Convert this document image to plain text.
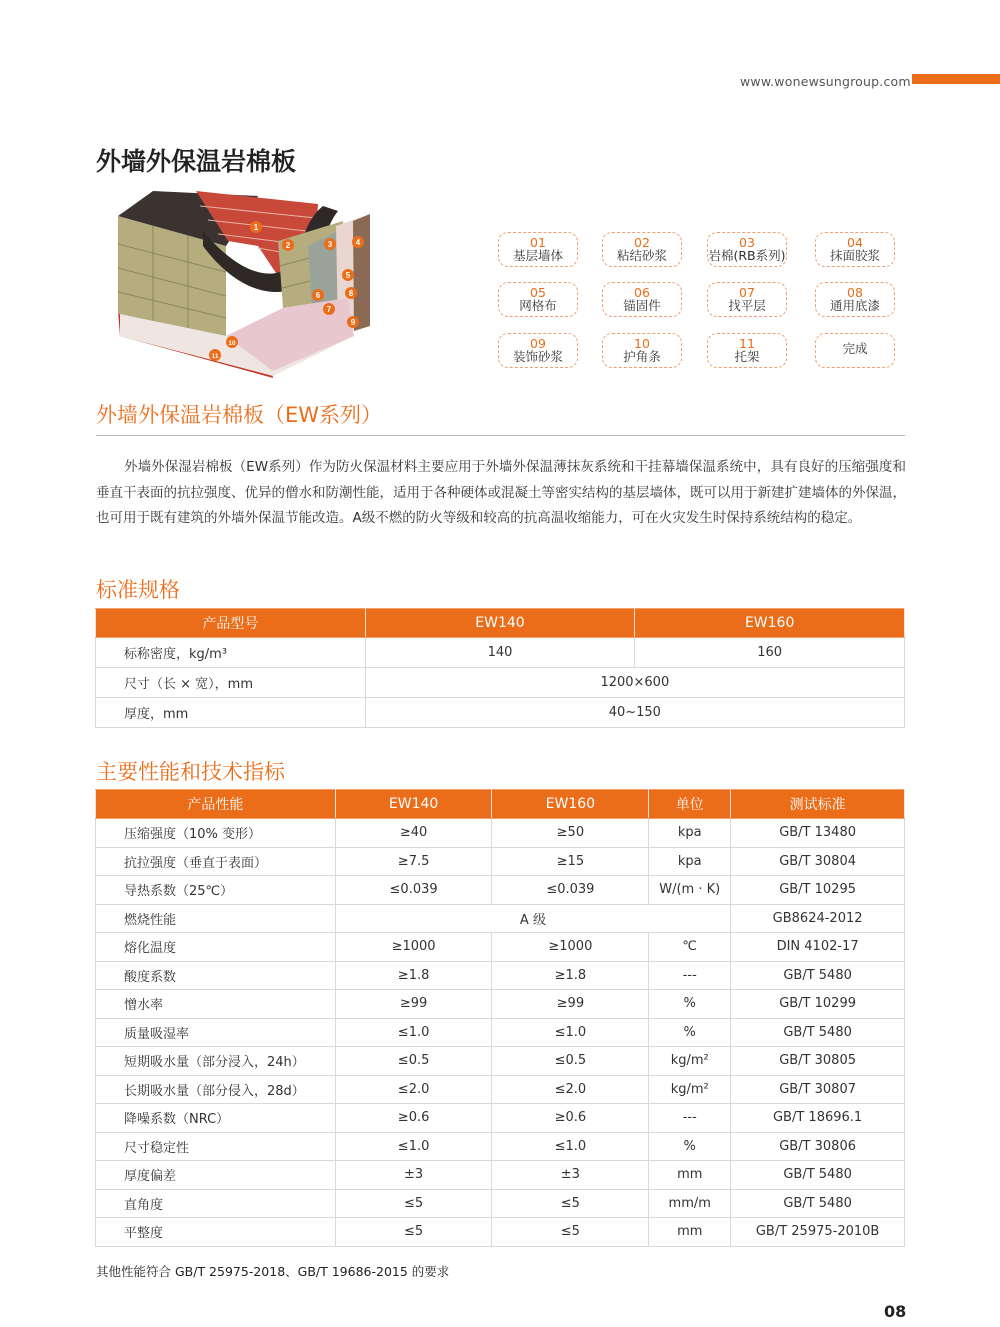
www.wonewsungroup.com
外墙外保温岩棉板
1
2	3	4
5
6
7
8
9
10
11
01
基层墙体
02
粘结砂浆
03
岩棉(RB系列)
04
抹面胶浆
05
网格布
06
锚固件
07
找平层
08
通用底漆
09
装饰砂浆
10
护角条
11
托架
完成
外墙外保温岩棉板（EW系列）

外墙外保湿岩棉板（EW系列）作为防火保温材料主要应用于外墙外保温薄抹灰系统和干挂幕墙保温系统中，具有良好的压缩强度和垂直干表面的抗拉强度、优异的僧水和防潮性能，适用于各种硬体或混凝土等密实结构的基层墙体，既可以用于新建扩建墙体的外保温，也可用于既有建筑的外墙外保温节能改造。A级不燃的防火等级和较高的抗高温收缩能力，可在火灾发生时保持系统结构的稳定。

标准规格
产品型号	EW140	EW160
标称密度，kg/m³	140	160
尺寸（长 × 宽），mm	1200×600	
厚度，mm	40~150	
主要性能和技术指标
产品性能	EW140	EW160	单位	测试标准
压缩强度（10% 变形）	≥40	≥50	kpa	GB/T 13480
抗拉强度（垂直于表面）	≥7.5	≥15	kpa	GB/T 30804
导热系数（25℃）	≤0.039	≤0.039	W/(m · K)	GB/T 10295
燃烧性能	A 级			GB8624-2012
熔化温度	≥1000	≥1000	℃	DIN 4102-17
酸度系数	≥1.8	≥1.8	---	GB/T 5480
憎水率	≥99	≥99	%	GB/T 10299
质量吸湿率	≤1.0	≤1.0	%	GB/T 5480
短期吸水量（部分浸入，24h）	≤0.5	≤0.5	kg/m²	GB/T 30805
长期吸水量（部分侵入，28d）	≤2.0	≤2.0	kg/m²	GB/T 30807
降噪系数（NRC）	≥0.6	≥0.6	---	GB/T 18696.1
尺寸稳定性	≤1.0	≤1.0	%	GB/T 30806
厚度偏差	±3	±3	mm	GB/T 5480
直角度	≤5	≤5	mm/m	GB/T 5480
平整度	≤5	≤5	mm	GB/T 25975-2010B
其他性能符合 GB/T 25975-2018、GB/T 19686-2015 的要求
08
